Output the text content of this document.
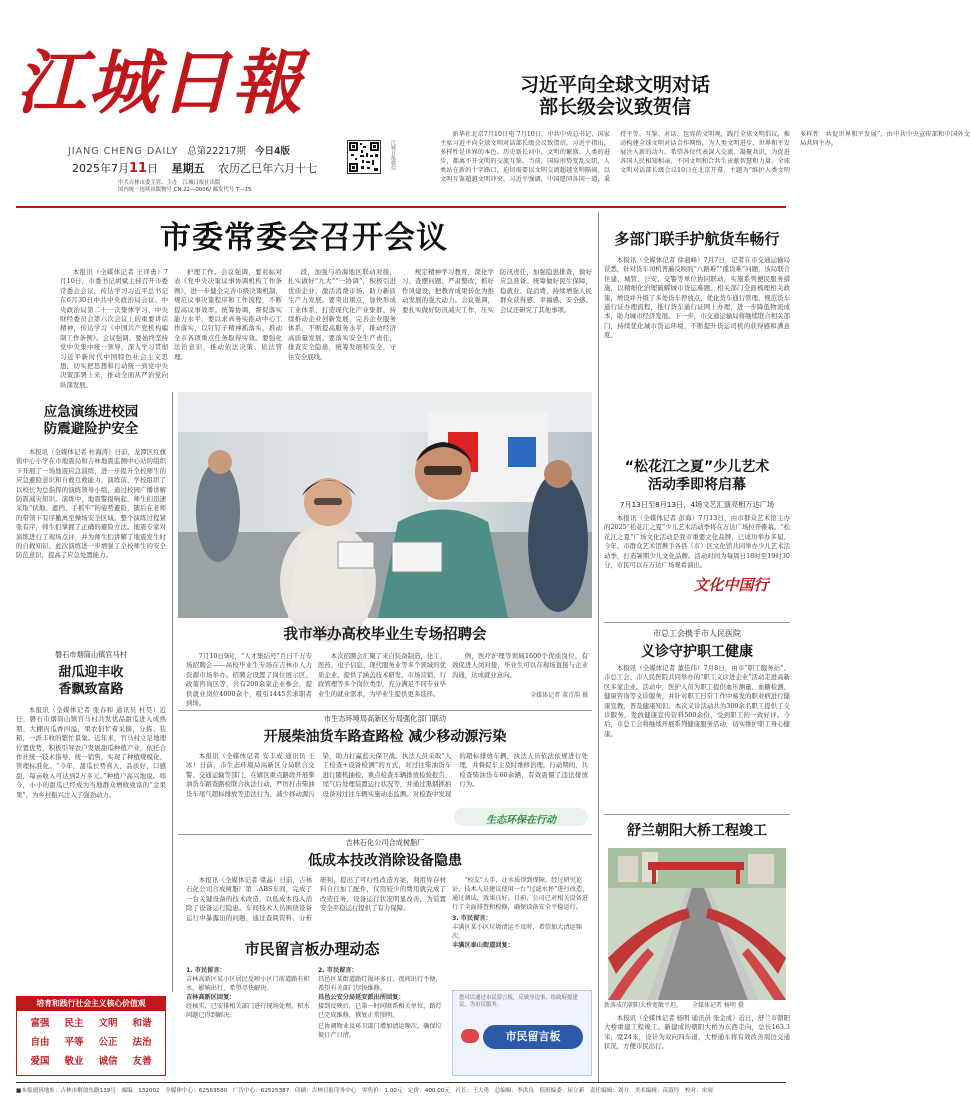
江城日報
JIANG CHENG DAILY 总第22217期 今日4版
2025年7月11日 星期五 农历乙巳年六月十七
中共吉林市委主管、主办　江城日报社出版
国内统一连续出版物号 CN 22—0006/ 邮发代号 T—15
江城日报微信
习近平向全球文明对话
部长级会议致贺信

新华社北京7月10日电 7月10日，中共中央总书记、国家主席习近平向全球文明对话部长级会议致贺信。习近平指出，多样性是世界的本色。历史新长河中，文明的繁盛、人类的进步，都离不开文明的交流互鉴。当前，国际形势变乱交织，人类站在新的十字路口，迫切需要以文明交流超越文明隔阂、以文明互鉴超越文明冲突。习近平强调，中国愿同各国一道，秉持平等、互鉴、对话、包容的文明观，践行全球文明倡议，推动构建全球文明对话合作网络，为人类文明进步、世界和平发展注入新的动力。希望各位代表深入交流、凝聚共识，为促进各国人民相知相亲、不同文明和合共生贡献智慧和力量。全球文明对话部长级会议10日在北京开幕，主题为“维护人类文明多样性　共促世界和平发展”，由中共中央宣传部和中国外文局共同主办。

市委常委会召开会议

本报讯（全媒体记者 王译勇）7月10日，市委书记胡斌主持召开市委常委会会议，传达学习习近平总书记在6月30日中共中央政治局会议、中央政治局第二十一次集体学习、中央财经委员会第六次会议上的重要讲话精神，传达学习《中国共产党机构编制工作条例》。会议强调，要始终坚持党中央集中统一领导，深入学习贯彻习近平新时代中国特色社会主义思想，切实把思想和行动统一到党中央决策部署上来，推动全面从严治党向纵深发展。

护理工作。会议强调，要对标对表《党中央决策议事协调机构工作条例》，进一步健全完善市级决策机制，规范议事决策程序和工作流程，不断提高议事效率。统筹协调，督促落实能力水平，要以求真务实推动中心工作落实，以钉钉子精神抓落实，推动全市各项重点任务取得实效。要强化法治意识，推动依法决策、依法管理。

段，加强与沿海地区联动对接，扎实做好“九大”“一协调”，积极引进优质企业，激活消费市场，助力新质生产力发展。要突出重点，加快形成工业体系，打造现代化产业集群，持续推动企业创新发展，完善企业服务体系，不断提高服务水平，推动经济高质量发展。要落实安全生产责任，排查安全隐患，统筹发展和安全，守住安全底线。

规定精神学习教育，深化学习、查摆问题、严肃整改，抓好作风建设，把教育成果转化为推动发展的强大动力。会议强调，要扎实做好防汛减灾工作，压实防汛责任，加强隐患排查，做好应急准备。统筹做好民生保障，稳就业、促消费，持续增强人民群众获得感、幸福感、安全感。会议还研究了其他事项。

多部门联手护航货车畅行

本报讯（全媒体记者 徐淑峰）7月7日，记者在市交通运输局获悉，针对货车司机普遍反映的“八路难”“揽货难”问题，该局联合住建、城管、公安、交警等单位协同联动，实施系列便民服务措施，以精细化治理破解城市货运难题。相关部门全面梳理相关政策，增设并升级了多处货车停放点，优化货车通行管理，规范货车通行证办理流程，推行货车通行证网上办理，进一步降低物流成本，助力城市经济发展。下一步，市交通运输局将继续联合相关部门，持续优化城市货运环境，不断提升货运司机的获得感和满意度。

应急演练进校园
防震避险护安全

本报讯（全媒体记者 杜海涛）日前，龙潭区红旗街中心小学在市地震局和吉林地震监测中心站的组织下开展了一场地震应急演练，进一步提升全校师生的应急避险意识和自救互救能力。演练前，学校组织了以校长为总指挥的演练领导小组，通过校园广播讲解防震减灾知识。演练中，地震警报响起，师生们迅速采取“伏地、遮挡、手抓牢”的姿势避险，随后在老师的带领下有序撤离至操场安全区域。整个演练过程紧张有序，师生们掌握了正确的避险方法。地震专家对演练进行了现场点评，并为师生们讲解了地震发生时的自救知识。此次演练进一步增强了全校师生的安全防范意识，提高了应急处置能力。

我市举办高校毕业生专场招聘会

7月10日9时，“人才集结号”百日千万专场招聘会——高校毕业生专场在吉林市人力资源市场举办。招聘会设置了岗位展示区、政策咨询区等，共有200余家企业参会，提供就业岗位4000余个，吸引1445名求职者到场。

本次招聘会汇聚了来自装备制造、化工、医药、电子信息、现代服务业等多个领域的优质企业，提供了涵盖技术研发、市场营销、行政管理等多个岗位类型，充分满足不同专业毕业生的就业需求，为毕业生提供更多选择。

例，医疗护理等领域1600个优质岗位，有效促进人岗对接，毕业生可以在现场直接与企业沟通，达成就业意向。

全媒体记者 董青韵 摄
“松花江之夏”少儿艺术
活动季即将启幕
7月13日至8月13日，4场文艺汇演亮相万达广场

本报讯（全媒体记者 彭海）7月13日，由市群众艺术馆主办的2025“松花江之夏”少儿艺术活动季将在万达广场拉开帷幕。“松花江之夏”广场文化活动是我市重要文化品牌，已成功举办多届。今年，市群众艺术馆携手各县（市）区文化馆共同举办少儿艺术活动季，打造暑期少儿文化品牌。活动时间为每周日18时至19时30分，市民可以在万达广场观看演出。

文化中国行
市总工会携手市人民医院
义诊守护职工健康

本报讯（全媒体记者 董佳伟）7月8日，由市“职工服务站”、市总工会、市人民医院共同举办的“职工义诊进企业”活动走进高新区多家企业。活动中，医护人员为职工提供血压测量、血糖检测、健康咨询等义诊服务，并针对职工日常工作中易发的职业病进行健康宣教，普及健康知识。本次义诊活动共为300余名职工提供了义诊服务，发放健康宣传资料500余份，受到职工的一致好评。今后，市总工会将继续开展系列健康服务活动，切实维护职工身心健康。

磐石市烟筒山镇官马村
甜瓜迎丰收
香飘致富路

本报讯（全媒体记者 张春和 通讯员 杜昊）近日，磐石市烟筒山镇官马村共发优品甜瓜进入成熟期，大棚内瓜香四溢，果农们忙着采摘、分拣、装箱，一派丰收的繁忙景象。近年来，官马村立足地理位置优势，积极引导农户发展甜瓜种植产业，依托合作社统一技术指导、统一销售，实现了种植规模化、管理标准化。“今年，甜瓜长势喜人，品质好、口感甜，每亩收入可达到2万多元。”种植户高兴地说。如今，小小的甜瓜已经成为当地群众增收致富的“金果果”，为乡村振兴注入了强劲动力。

市生态环境局高新区分局强化部门联动
开展柴油货车路查路检 减少移动源污染

本报讯（全媒体记者 安丰成 通讯员 王冰）日前，市生态环境局高新区分局联合交警、交通运输等部门，在辖区重点路段开展柴油货车路查路检联合执法行动，严厉打击柴油货车尾气超标排放等违法行为，减少移动源污染，助力打赢蓝天保卫战。执法人员采取“人工检查+设备检测”的方式，对过往柴油货车进行随机抽检，重点检查车辆排放检验报告、尾气后处理装置运行状况等，并通过黑烟抓拍设备对过往车辆实施动态监测。对检查中发现的超标排放车辆，执法人员依法依规进行处理，并督促车主及时维修治理。行动期间，共检查柴油货车60余辆，有效震慑了违法排放行为。

生态环保在行动
吉林石化公司合成树脂厂
低成本技改消除设备隐患

本报讯（全媒体记者 梁晶）日前，吉林石化公司合成树脂厂第二ABS车间，完成了一台关键设备的技术改造，以低成本投入消除了设备运行隐患。车间技术人员围绕设备运行中暴露出的问题，通过查阅资料、分析研判，提出了可行性改造方案，利用库存材料自行加工配件，仅用较少的费用就完成了改造任务，设备运行状况明显改善，为装置安全平稳运行提供了有力保障。

舒兰朝阳大桥工程竣工
新落成的朝阳大桥宽敞平坦。 全媒体记者 杨明 摄

本报讯（全媒体记者 杨明 通讯员 张金成）近日，舒兰市朝阳大桥重建工程竣工。新建成的朝阳大桥为东西走向，总长163.3米，宽24米，设计为双向四车道，大桥通车将有效改善周边交通状况，方便市民出行。

市民留言板办理动态
1. 市民留言：
吉林高新区某小区居民反映小区门前道路有积水，影响出行，希望尽快解决。
吉林高新区回复：
经核实，已安排相关部门进行现场处理，积水问题已得到解决。
2. 市民留言：
昌邑区某街道路灯损坏多日，夜间出行不便，希望有关部门尽快维修。
昌邑公安分局延安派出所回复：
接到反映后，已第一时间联系相关单位，路灯已完成维修，恢复正常照明。
已协调物业及环卫部门增加清运频次，确保垃圾日产日清。
“校友”人手，让水质得到保障。经过研究论证，技术人员建议使用一台“过滤水杯”进行改造，通过测试，效果良好。目前，公司已对相关设备进行了全面排查和检修，确保设备安全平稳运行。
3. 市民留言：
丰满区某小区垃圾清运不及时，希望加大清运频次。
丰满区泰山街道回复：
市民留言板
您可以通过市民留言板，反映身边事，给政府提建议，为市民服务。
培育和践行社会主义核心价值观
富强	民主	文明	和谐
自由	平等	公正	法治
爱国	敬业	诚信	友善
■本报通讯地址：吉林市解放东路139号　邮编：132002　全媒体中心：62563580　广告中心：62525387　印刷：吉林日报印务中心　零售价：1.00元　定价：400.00元　社长：王大勇　总编辑：李洪良　值班编委：屈立新　责任编辑：刘方　美术编辑：苗淑玲　校对：宋雨
